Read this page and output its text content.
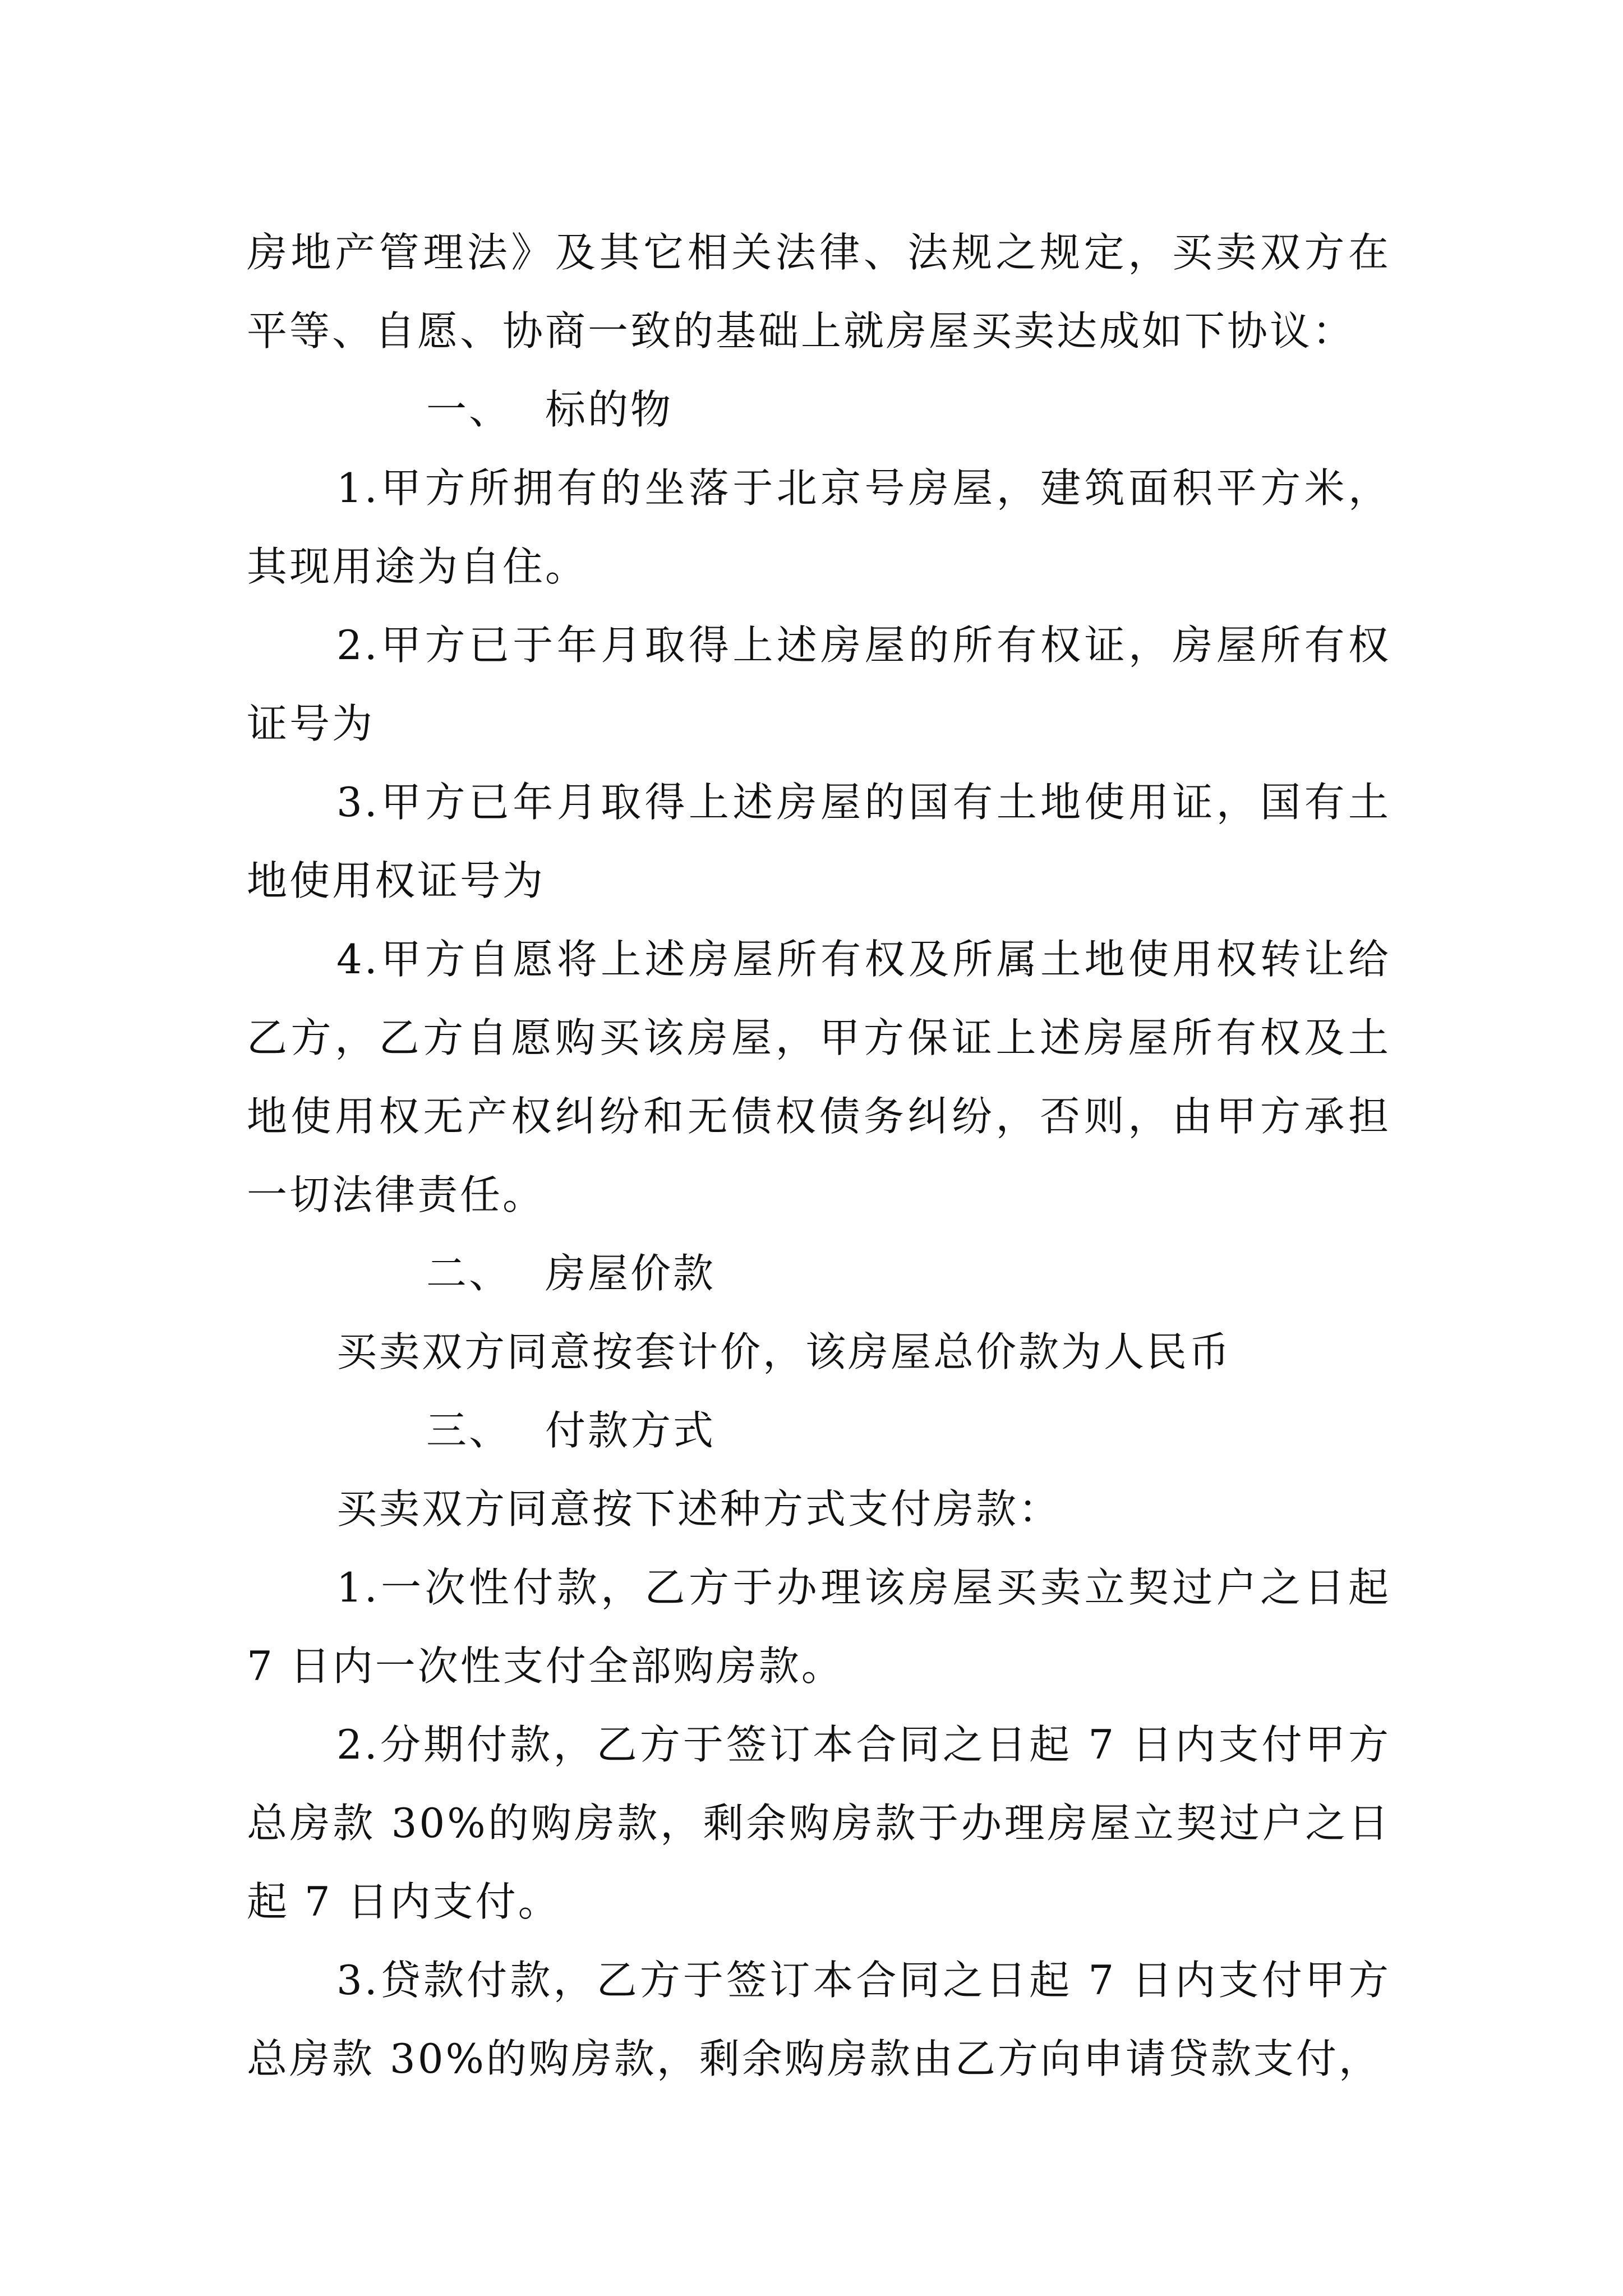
房地产管理法》及其它相关法律、法规之规定，买卖双方在平等、自愿、协商一致的基础上就房屋买卖达成如下协议：

一、 标的物

1.甲方所拥有的坐落于北京号房屋，建筑面积平方米，其现用途为自住。

2.甲方已于年月取得上述房屋的所有权证，房屋所有权证号为

3.甲方已年月取得上述房屋的国有土地使用证，国有土地使用权证号为

4.甲方自愿将上述房屋所有权及所属土地使用权转让给乙方，乙方自愿购买该房屋，甲方保证上述房屋所有权及土地使用权无产权纠纷和无债权债务纠纷，否则，由甲方承担一切法律责任。

二、 房屋价款

买卖双方同意按套计价，该房屋总价款为人民币

三、 付款方式

买卖双方同意按下述种方式支付房款：

1.一次性付款，乙方于办理该房屋买卖立契过户之日起 7 日内一次性支付全部购房款。

2.分期付款，乙方于签订本合同之日起 7 日内支付甲方总房款 30%的购房款，剩余购房款于办理房屋立契过户之日起 7 日内支付。

3.贷款付款，乙方于签订本合同之日起 7 日内支付甲方总房款 30%的购房款，剩余购房款由乙方向申请贷款支付，
